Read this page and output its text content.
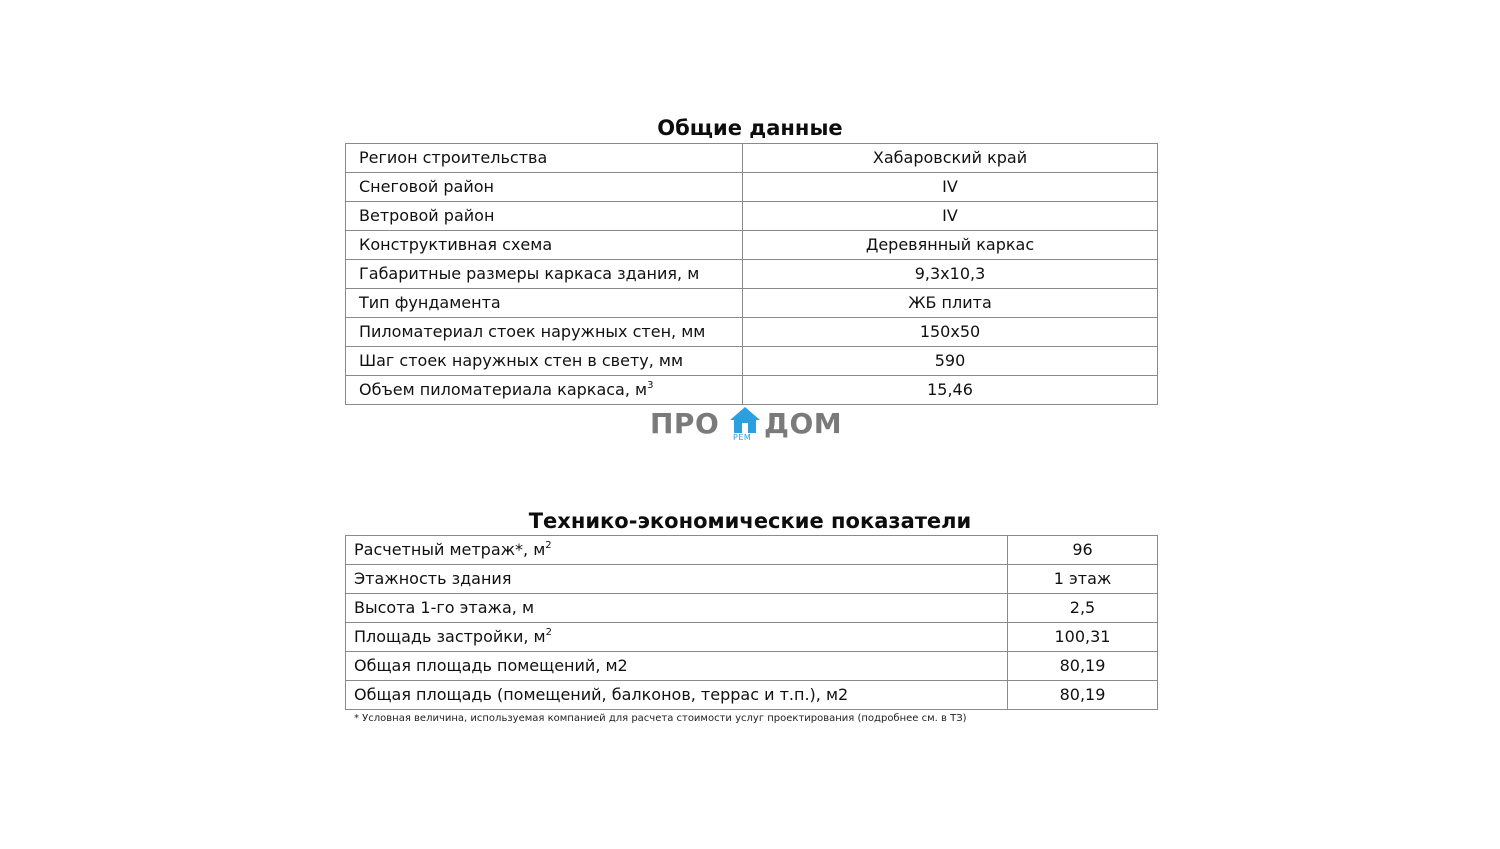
Общие данные
Регион строительства	Хабаровский край
Снеговой район	IV
Ветровой район	IV
Конструктивная схема	Деревянный каркас
Габаритные размеры каркаса здания, м	9,3x10,3
Тип фундамента	ЖБ плита
Пиломатериал стоек наружных стен, мм	150x50
Шаг стоек наружных стен в свету, мм	590
Объем пиломатериала каркаса, $м^3$	15,46
ПРО РЕМ ДОМ
Технико-экономические показатели
Расчетный метраж*, $м^2$	96
Этажность здания	1 этаж
Высота 1-го этажа, м	2,5
Площадь застройки, $м^2$	100,31
Общая площадь помещений, м2	80,19
Общая площадь (помещений, балконов, террас и т.п.), м2	80,19
* Условная величина, используемая компанией для расчета стоимости услуг проектирования (подробнее см. в ТЗ)
